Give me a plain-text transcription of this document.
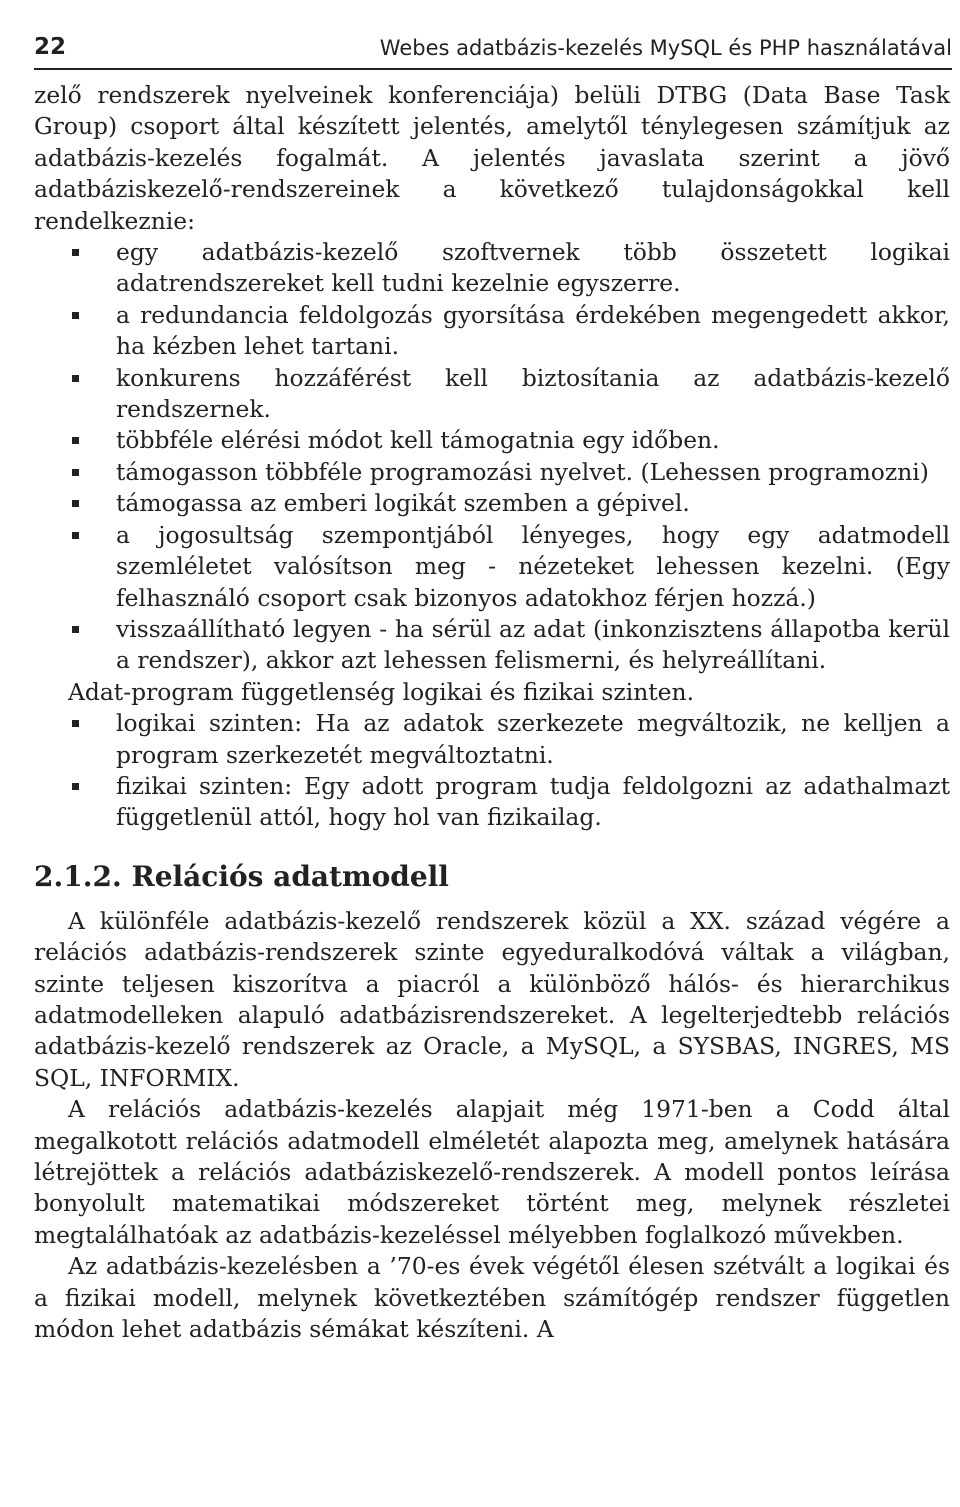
22	Webes adatbázis-kezelés MySQL és PHP használatával

zelő rendszerek nyelveinek konferenciája) belüli DTBG (Data Base Task Group) csoport által készített jelentés, amelytől ténylegesen számítjuk az adatbázis-kezelés fogalmát. A jelentés javaslata szerint a jövő adatbáziskezelő-rendszereinek a következő tulajdonságokkal kell rendelkeznie:

egy adatbázis-kezelő szoftvernek több összetett logikai adatrendszereket kell tudni kezelnie egyszerre.
a redundancia feldolgozás gyorsítása érdekében megengedett akkor, ha kézben lehet tartani.
konkurens hozzáférést kell biztosítania az adatbázis-kezelő rendszernek.
többféle elérési módot kell támogatnia egy időben.
támogasson többféle programozási nyelvet. (Lehessen programozni)
támogassa az emberi logikát szemben a gépivel.
a jogosultság szempontjából lényeges, hogy egy adatmodell szemléletet valósítson meg - nézeteket lehessen kezelni. (Egy felhasználó csoport csak bizonyos adatokhoz férjen hozzá.)
visszaállítható legyen - ha sérül az adat (inkonzisztens állapotba kerül a rendszer), akkor azt lehessen felismerni, és helyreállítani.

Adat-program függetlenség logikai és fizikai szinten.

logikai szinten: Ha az adatok szerkezete megváltozik, ne kelljen a program szerkezetét megváltoztatni.
fizikai szinten: Egy adott program tudja feldolgozni az adathalmazt függetlenül attól, hogy hol van fizikailag.
2.1.2. Relációs adatmodell

A különféle adatbázis-kezelő rendszerek közül a XX. század végére a relációs adatbázis-rendszerek szinte egyeduralkodóvá váltak a világban, szinte teljesen kiszorítva a piacról a különböző hálós- és hierarchikus adatmodelleken alapuló adatbázisrendszereket. A legelterjedtebb relációs adatbázis-kezelő rendszerek az Oracle, a MySQL, a SYSBAS, INGRES, MS SQL, INFORMIX.

A relációs adatbázis-kezelés alapjait még 1971-ben a Codd által megalkotott relációs adatmodell elméletét alapozta meg, amelynek hatására létrejöttek a relációs adatbáziskezelő-rendszerek. A modell pontos leírása bonyolult matematikai módszereket történt meg, melynek részletei megtalálhatóak az adatbázis-kezeléssel mélyebben foglalkozó művekben.

Az adatbázis-kezelésben a ’70-es évek végétől élesen szétvált a logikai és a fizikai modell, melynek következtében számítógép rendszer független módon lehet adatbázis sémákat készíteni. A
